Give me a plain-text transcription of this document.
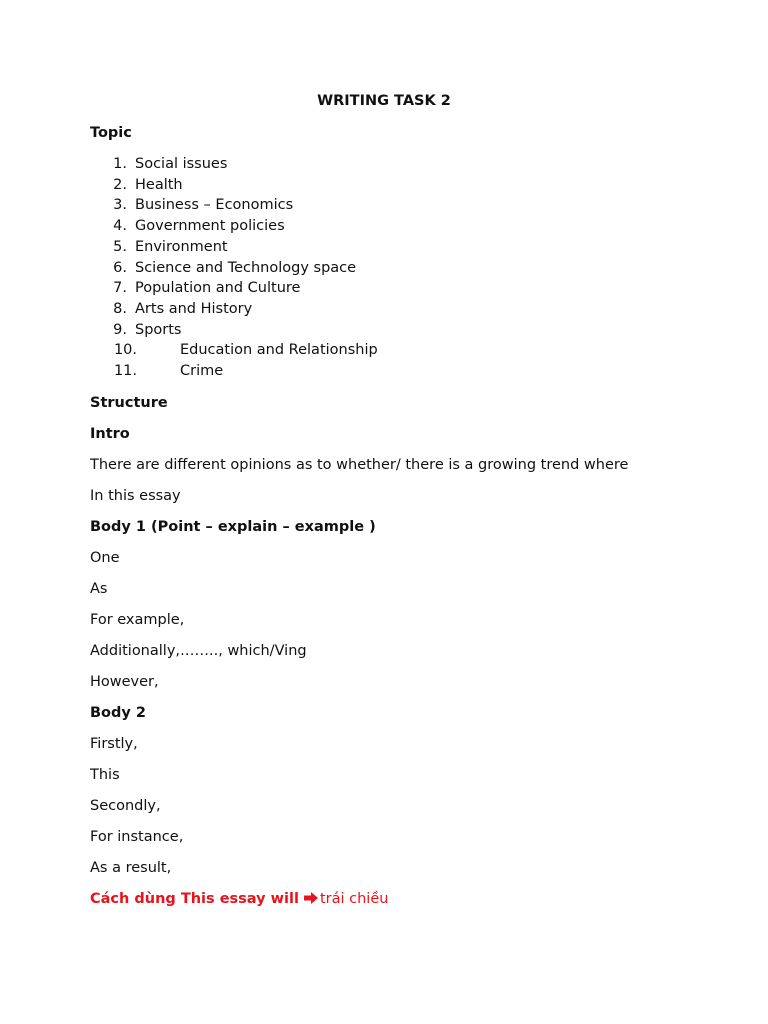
WRITING TASK 2

Topic

1. Social issues
2. Health
3. Business – Economics
4. Government policies
5. Environment
6. Science and Technology space
7. Population and Culture
8. Arts and History
9. Sports
10.	Education and Relationship
11.	Crime

Structure

Intro

There are different opinions as to whether/ there is a growing trend where

In this essay

Body 1 (Point – explain – example )

One

As

For example,

Additionally,…….., which/Ving

However,

Body 2

Firstly,

This

Secondly,

For instance,

As a result,

Cách dùng This essay will trái chiều
